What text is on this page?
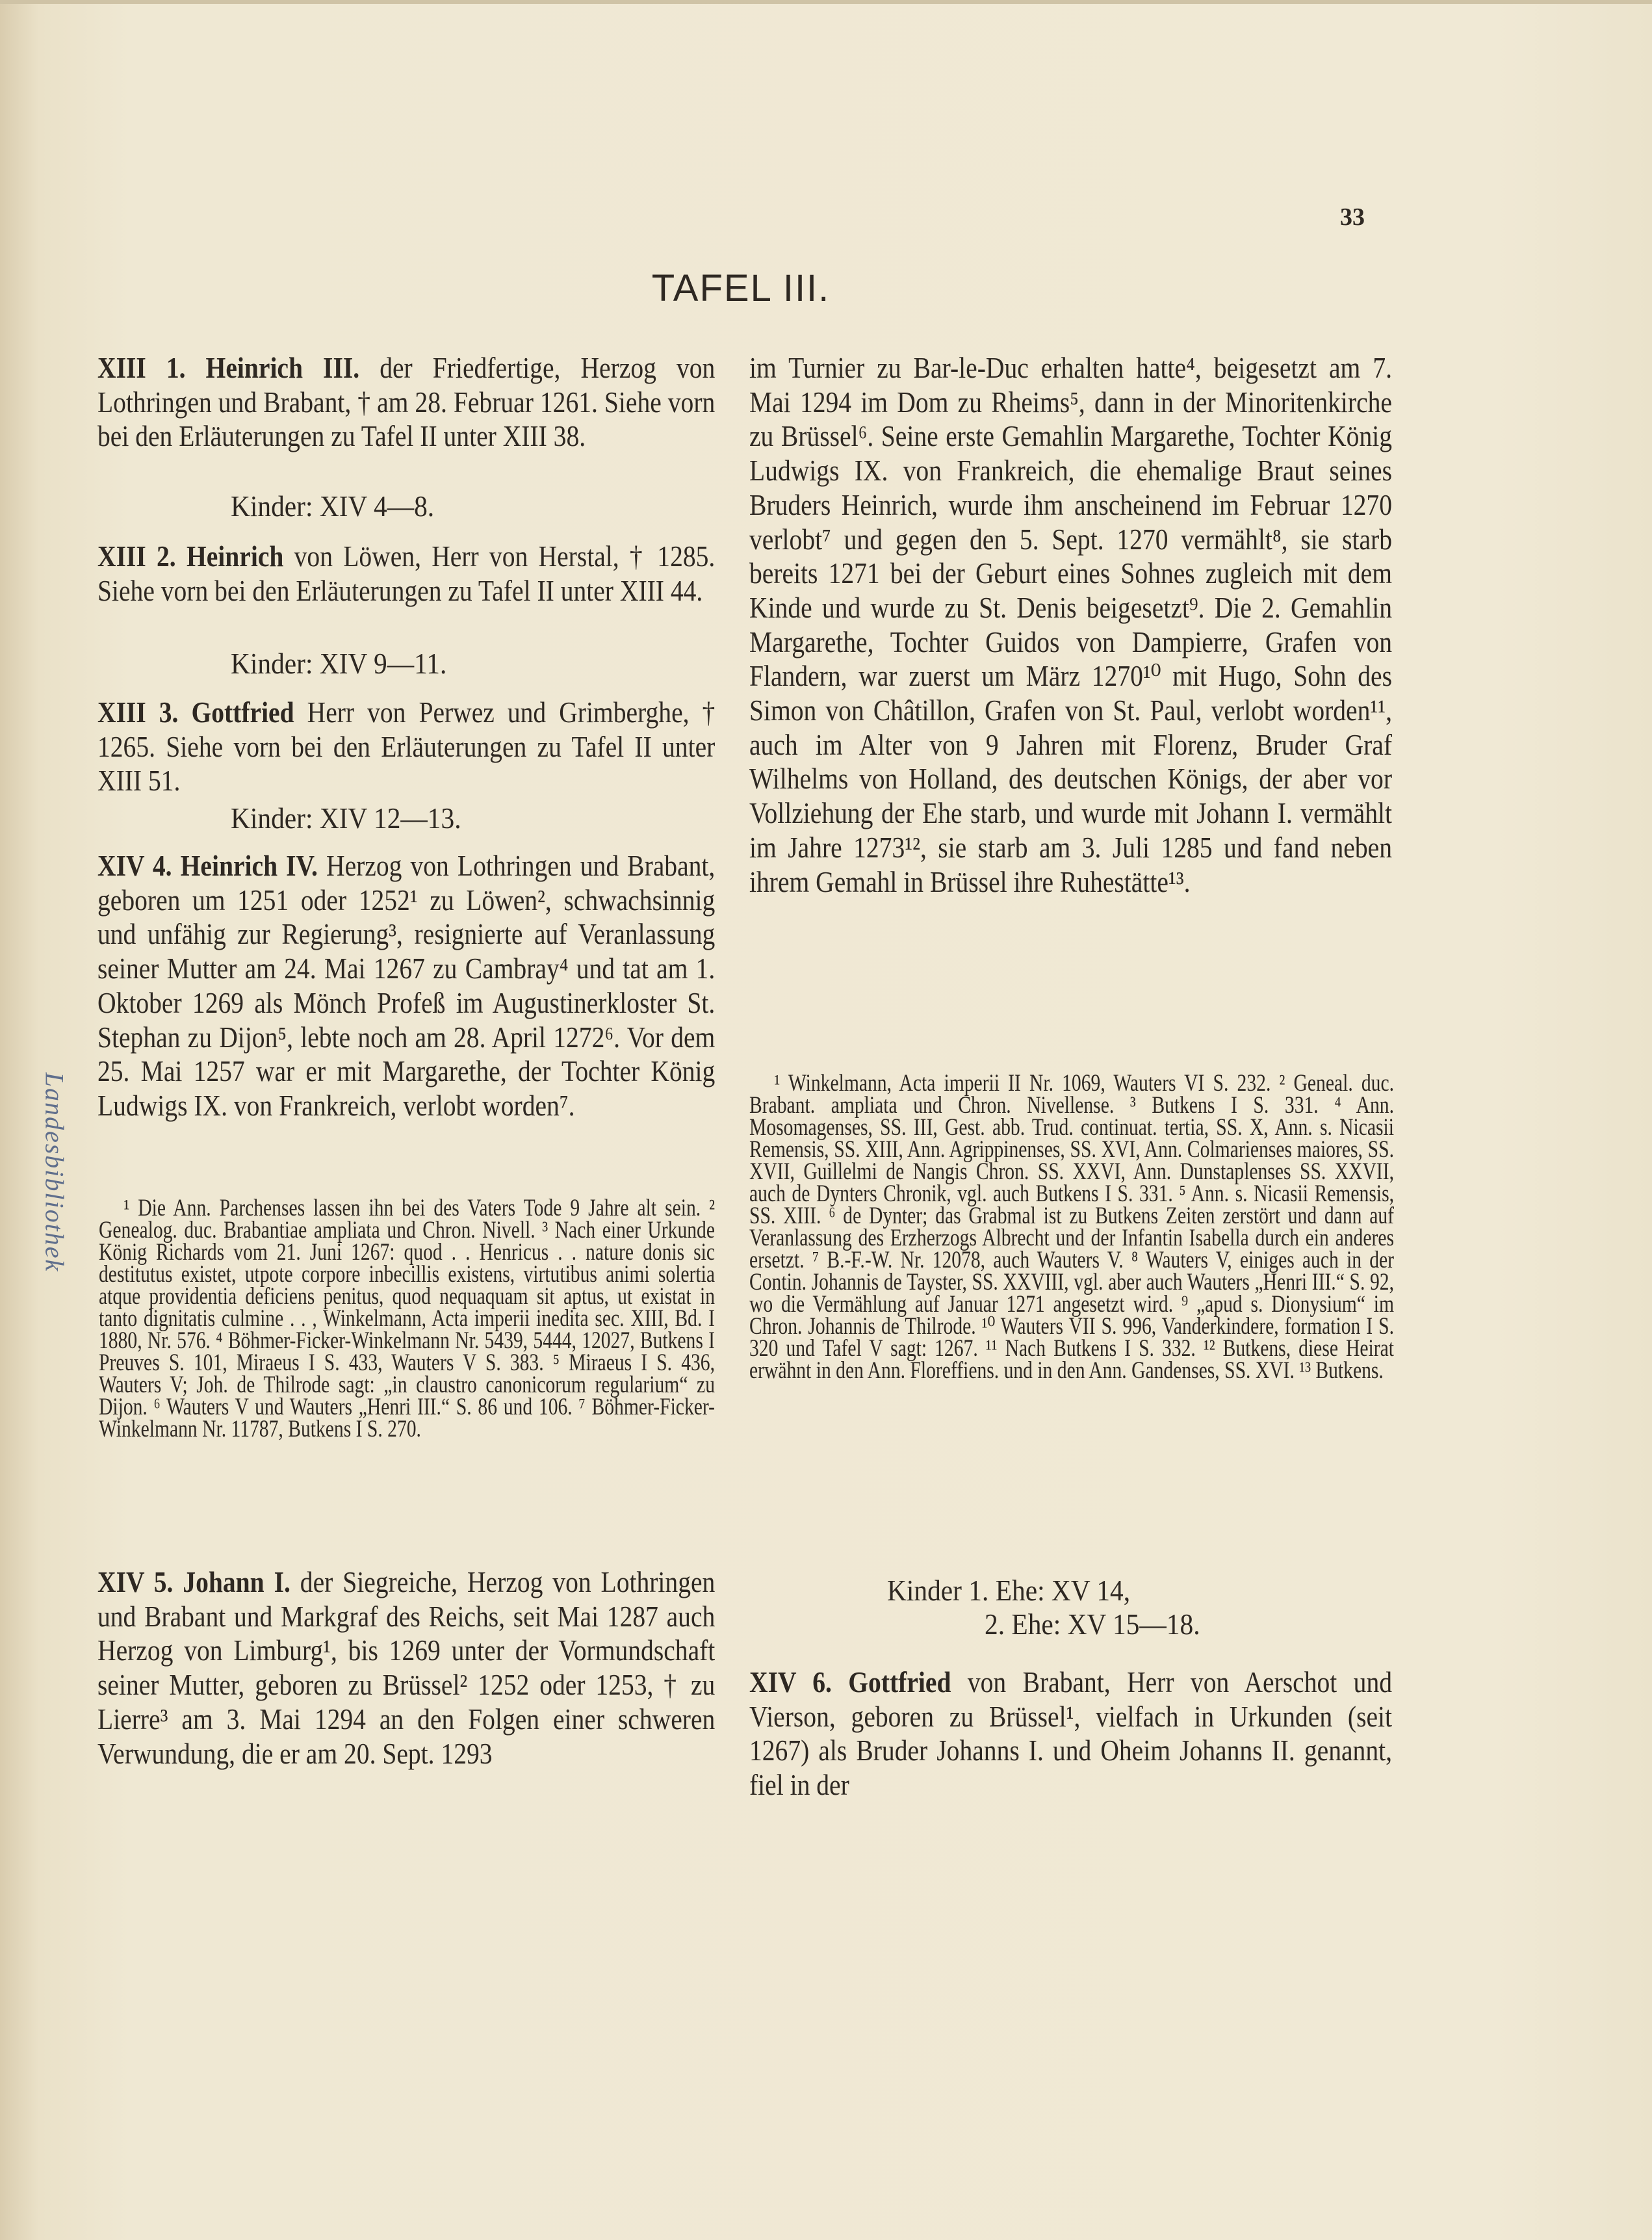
33
TAFEL III.
Landesbibliothek
XIII 1. Heinrich III. der Friedfertige, Herzog von Lothringen und Brabant, † am 28. Februar 1261. Siehe vorn bei den Erläuterungen zu Tafel II unter XIII 38.
Kinder: XIV 4—8.
XIII 2. Heinrich von Löwen, Herr von Herstal, † 1285. Siehe vorn bei den Erläuterungen zu Tafel II unter XIII 44.
Kinder: XIV 9—11.
XIII 3. Gottfried Herr von Perwez und Grimberghe, † 1265. Siehe vorn bei den Erläuterungen zu Tafel II unter XIII 51.
Kinder: XIV 12—13.
XIV 4. Heinrich IV. Herzog von Lothringen und Brabant, geboren um 1251 oder 1252¹ zu Löwen², schwachsinnig und unfähig zur Regierung³, resignierte auf Veranlassung seiner Mutter am 24. Mai 1267 zu Cambray⁴ und tat am 1. Oktober 1269 als Mönch Profeß im Augustinerkloster St. Stephan zu Dijon⁵, lebte noch am 28. April 1272⁶. Vor dem 25. Mai 1257 war er mit Margarethe, der Tochter König Ludwigs IX. von Frankreich, verlobt worden⁷.
¹ Die Ann. Parchenses lassen ihn bei des Vaters Tode 9 Jahre alt sein. ² Genealog. duc. Brabantiae ampliata und Chron. Nivell. ³ Nach einer Urkunde König Richards vom 21. Juni 1267: quod . . Henricus . . nature donis sic destitutus existet, utpote corpore inbecillis existens, virtutibus animi solertia atque providentia deficiens penitus, quod nequaquam sit aptus, ut existat in tanto dignitatis culmine . . , Winkelmann, Acta imperii inedita sec. XIII, Bd. I 1880, Nr. 576. ⁴ Böhmer-Ficker-Winkelmann Nr. 5439, 5444, 12027, Butkens I Preuves S. 101, Miraeus I S. 433, Wauters V S. 383. ⁵ Miraeus I S. 436, Wauters V; Joh. de Thilrode sagt: „in claustro canonicorum regularium“ zu Dijon. ⁶ Wauters V und Wauters „Henri III.“ S. 86 und 106. ⁷ Böhmer-Ficker-Winkelmann Nr. 11787, Butkens I S. 270.
XIV 5. Johann I. der Siegreiche, Herzog von Lothringen und Brabant und Markgraf des Reichs, seit Mai 1287 auch Herzog von Limburg¹, bis 1269 unter der Vormundschaft seiner Mutter, geboren zu Brüssel² 1252 oder 1253, † zu Lierre³ am 3. Mai 1294 an den Folgen einer schweren Verwundung, die er am 20. Sept. 1293
im Turnier zu Bar-le-Duc erhalten hatte⁴, beigesetzt am 7. Mai 1294 im Dom zu Rheims⁵, dann in der Minoritenkirche zu Brüssel⁶. Seine erste Gemahlin Margarethe, Tochter König Ludwigs IX. von Frankreich, die ehemalige Braut seines Bruders Heinrich, wurde ihm anscheinend im Februar 1270 verlobt⁷ und gegen den 5. Sept. 1270 vermählt⁸, sie starb bereits 1271 bei der Geburt eines Sohnes zugleich mit dem Kinde und wurde zu St. Denis beigesetzt⁹. Die 2. Gemahlin Margarethe, Tochter Guidos von Dampierre, Grafen von Flandern, war zuerst um März 1270¹⁰ mit Hugo, Sohn des Simon von Châtillon, Grafen von St. Paul, verlobt worden¹¹, auch im Alter von 9 Jahren mit Florenz, Bruder Graf Wilhelms von Holland, des deutschen Königs, der aber vor Vollziehung der Ehe starb, und wurde mit Johann I. vermählt im Jahre 1273¹², sie starb am 3. Juli 1285 und fand neben ihrem Gemahl in Brüssel ihre Ruhestätte¹³.
¹ Winkelmann, Acta imperii II Nr. 1069, Wauters VI S. 232. ² Geneal. duc. Brabant. ampliata und Chron. Nivellense. ³ Butkens I S. 331. ⁴ Ann. Mosomagenses, SS. III, Gest. abb. Trud. continuat. tertia, SS. X, Ann. s. Nicasii Remensis, SS. XIII, Ann. Agrippinenses, SS. XVI, Ann. Colmarienses maiores, SS. XVII, Guillelmi de Nangis Chron. SS. XXVI, Ann. Dunstaplenses SS. XXVII, auch de Dynters Chronik, vgl. auch Butkens I S. 331. ⁵ Ann. s. Nicasii Remensis, SS. XIII. ⁶ de Dynter; das Grabmal ist zu Butkens Zeiten zerstört und dann auf Veranlassung des Erzherzogs Albrecht und der Infantin Isabella durch ein anderes ersetzt. ⁷ B.-F.-W. Nr. 12078, auch Wauters V. ⁸ Wauters V, einiges auch in der Contin. Johannis de Tayster, SS. XXVIII, vgl. aber auch Wauters „Henri III.“ S. 92, wo die Vermählung auf Januar 1271 angesetzt wird. ⁹ „apud s. Dionysium“ im Chron. Johannis de Thilrode. ¹⁰ Wauters VII S. 996, Vanderkindere, formation I S. 320 und Tafel V sagt: 1267. ¹¹ Nach Butkens I S. 332. ¹² Butkens, diese Heirat erwähnt in den Ann. Floreffiens. und in den Ann. Gandenses, SS. XVI. ¹³ Butkens.
Kinder 1. Ehe: XV 14,
2. Ehe: XV 15—18.
XIV 6. Gottfried von Brabant, Herr von Aerschot und Vierson, geboren zu Brüssel¹, vielfach in Urkunden (seit 1267) als Bruder Johanns I. und Oheim Johanns II. genannt, fiel in der
